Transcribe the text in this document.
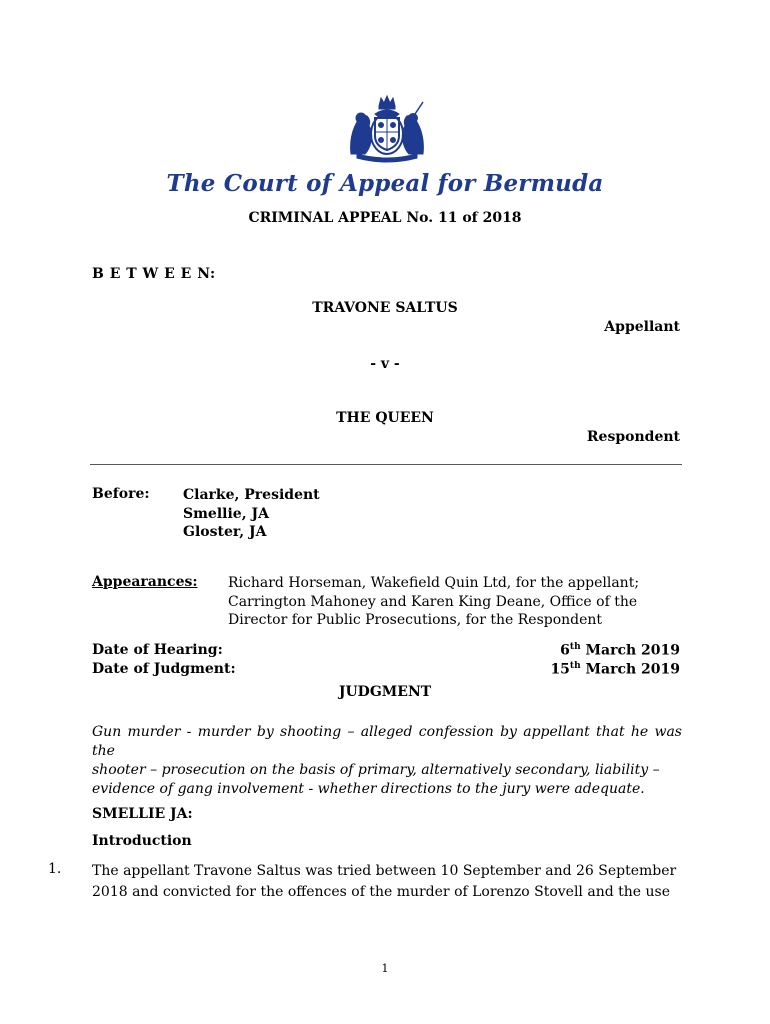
The Court of Appeal for Bermuda
CRIMINAL APPEAL No. 11 of 2018
B E T W E E N:
TRAVONE SALTUS
Appellant
- v -
THE QUEEN
Respondent
Before: Clarke, President
Smellie, JA
Gloster, JA
Appearances: Richard Horseman, Wakefield Quin Ltd, for the appellant;
Carrington Mahoney and Karen King Deane, Office of the
Director for Public Prosecutions, for the Respondent
Date of Hearing:	6th March 2019
Date of Judgment:	15th March 2019
JUDGMENT
Gun murder - murder by shooting – alleged confession by appellant that he was the
shooter – prosecution on the basis of primary, alternatively secondary, liability –
evidence of gang involvement - whether directions to the jury were adequate.
SMELLIE JA:
Introduction
1. The appellant Travone Saltus was tried between 10 September and 26 September
2018 and convicted for the offences of the murder of Lorenzo Stovell and the use
1
